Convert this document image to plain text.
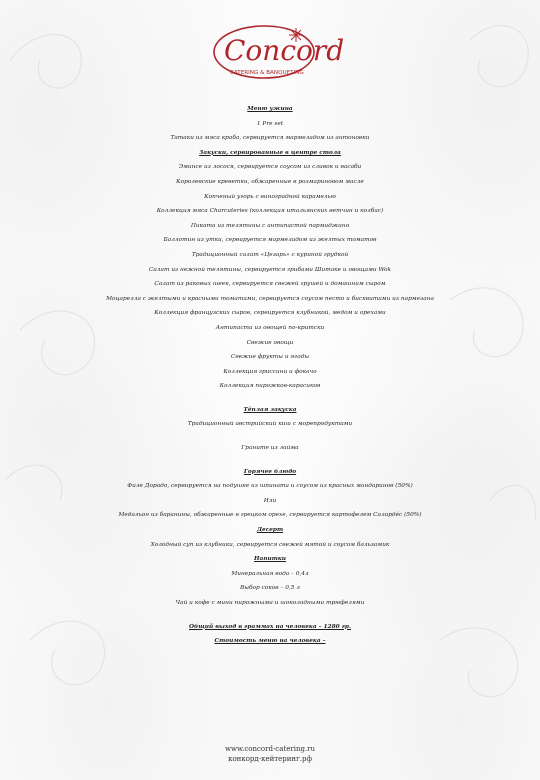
Concord
CATERING & BANQUETING
Меню ужина
1 Pre set
Татаки из мяса краба, сервируется мармеладом из антоновки
Закуски, сервированные в центре стола
Эминсе из лосося, сервируется соусом из сливок и васаби
Королевские креветки, обжаренные в розмариновом масле
Копченый угорь с виноградной карамелью
Коллекция мяса Charcuteries (коллекция итальянских ветчин и колбас)
Пиката из телятины с антипастой пармиджано
Баллотин из утки, сервируется мармеладом из желтых томатов
Традиционный салат «Цезарь» с куриной грудкой
Салат из нежной телятины, сервируется грибами Шитаке и овощами Wok
Салат из раковых шеек, сервируется свежей грушей и домашним сыром
Моцарелла с желтыми и красными томатами, сервируется соусом песто и бисквитами из пармезана
Коллекция французских сыров, сервируется клубникой, медом и орехами
Антипаста из овощей по-критски
Свежие овощи
Свежие фрукты и ягоды
Коллекция гриссини и фокачо
Коллекция пирожков-карасиков
Тёплая закуска
Традиционный австрийский киш с морепродуктами
Граните из лайма
Горячее блюдо
Филе Дорадо, сервируется на подушке из шпината и соусом из красных мандаринов (50%)
Или
Медальон из баранины, обжаренные в грецком орехе, сервируется картофелем Саларде́с (50%)
Десерт
Холодный суп из клубники, сервируется свежей мятой и соусом бальзамик
Напитки
Минеральная вода – 0,4л
Выбор соков – 0,5 л
Чай и кофе с мини пирожными и шоколадными трюфелями
Общий выход в граммах на человека – 1280 гр.
Стоимость меню на человека –
www.concord-catering.ru
конкорд-кейтеринг.рф
